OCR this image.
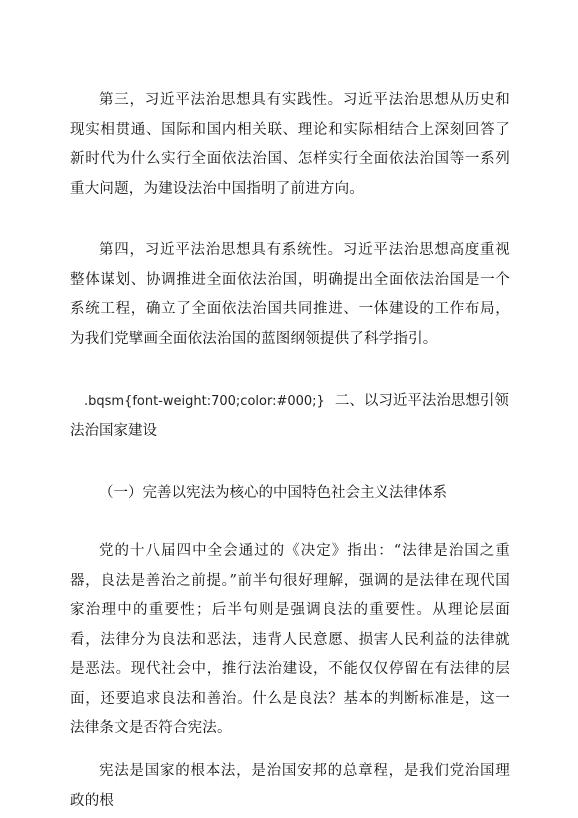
第三，习近平法治思想具有实践性。习近平法治思想从历史和现实相贯通、国际和国内相关联、理论和实际相结合上深刻回答了新时代为什么实行全面依法治国、怎样实行全面依法治国等一系列重大问题，为建设法治中国指明了前进方向。

第四，习近平法治思想具有系统性。习近平法治思想高度重视整体谋划、协调推进全面依法治国，明确提出全面依法治国是一个系统工程，确立了全面依法治国共同推进、一体建设的工作布局，为我们党擘画全面依法治国的蓝图纲领提供了科学指引。

.bqsm{font-weight:700;color:#000;} 二、以习近平法治思想引领法治国家建设

（一）完善以宪法为核心的中国特色社会主义法律体系

党的十八届四中全会通过的《决定》指出：“法律是治国之重器，良法是善治之前提。”前半句很好理解，强调的是法律在现代国家治理中的重要性；后半句则是强调良法的重要性。从理论层面看，法律分为良法和恶法，违背人民意愿、损害人民利益的法律就是恶法。现代社会中，推行法治建设，不能仅仅停留在有法律的层面，还要追求良法和善治。什么是良法？基本的判断标准是，这一法律条文是否符合宪法。

宪法是国家的根本法，是治国安邦的总章程，是我们党治国理政的根
